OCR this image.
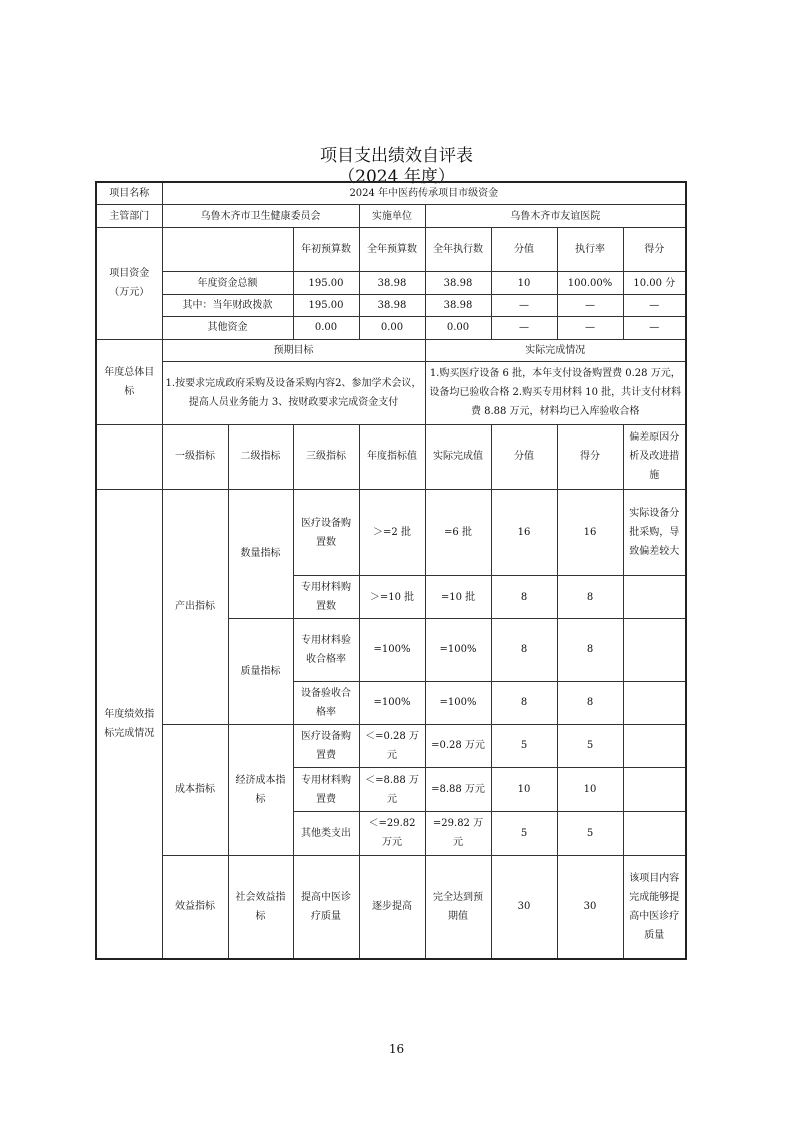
项目支出绩效自评表
（2024 年度）
项目名称	2024 年中医药传承项目市级资金							
主管部门	乌鲁木齐市卫生健康委员会			实施单位	乌鲁木齐市友谊医院			
项目资金（万元）			年初预算数	全年预算数	全年执行数	分值	执行率	得分
	年度资金总额		195.00	38.98	38.98	10	100.00%	10.00 分
	其中：当年财政拨款		195.00	38.98	38.98	—	—	—
	其他资金		0.00	0.00	0.00	—	—	—
年度总体目标	预期目标				实际完成情况			
	1.按要求完成政府采购及设备采购内容2、参加学术会议，提高人员业务能力 3、按财政要求完成资金支付				1.购买医疗设备 6 批，本年支付设备购置费 0.28 万元，设备均已验收合格 2.购买专用材料 10 批，共计支付材料费 8.88 万元，材料均已入库验收合格			
	一级指标	二级指标	三级指标	年度指标值	实际完成值	分值	得分	偏差原因分析及改进措施
年度绩效指标完成情况	产出指标	数量指标	医疗设备购置数	＞=2 批	=6 批	16	16	实际设备分批采购，导致偏差较大
			专用材料购置数	＞=10 批	=10 批	8	8	
		质量指标	专用材料验收合格率	=100%	=100%	8	8	
			设备验收合格率	=100%	=100%	8	8	
	成本指标	经济成本指标	医疗设备购置费	＜=0.28 万元	=0.28 万元	5	5	
			专用材料购置费	＜=8.88 万元	=8.88 万元	10	10	
			其他类支出	＜=29.82 万元	=29.82 万元	5	5	
	效益指标	社会效益指标	提高中医诊疗质量	逐步提高	完全达到预期值	30	30	该项目内容完成能够提高中医诊疗质量
16
